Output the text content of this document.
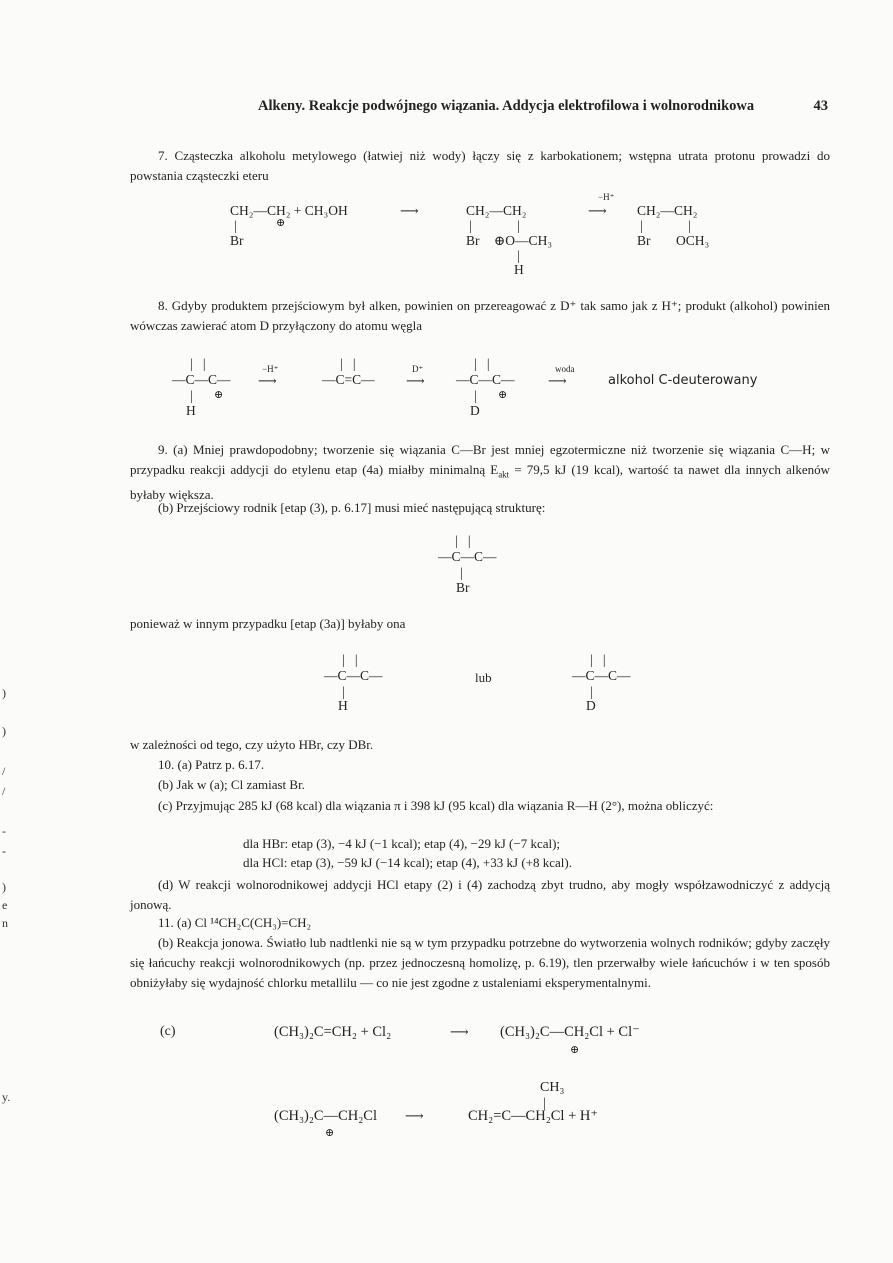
Alkeny. Reakcje podwójnego wiązania. Addycja elektrofilowa i wolnorodnikowa	43
7. Cząsteczka alkoholu metylowego (łatwiej niż wody) łączy się z karbokationem; wstępna utrata protonu prowadzi do powstania cząsteczki eteru
CH₂—CH₂ + CH₃OH
⊕
|
Br
⟶	CH₂—CH₂
|	|
Br ⊕O—CH₃
|
H
−H⁺
⟶ CH₂—CH₂
|	|
Br OCH₃
8. Gdyby produktem przejściowym był alken, powinien on przereagować z D⁺ tak samo jak z H⁺; produkt (alkohol) powinien wówczas zawierać atom D przyłączony do atomu węgla
|   |
—C—C—
| ⊕
H
−H⁺
⟶
|   |
—C=C—
D⁺
⟶
|   |
—C—C—
| ⊕
D
woda
⟶	alkohol C-deuterowany
9. (a) Mniej prawdopodobny; tworzenie się wiązania C—Br jest mniej egzotermiczne niż tworzenie się wiązania C—H; w przypadku reakcji addycji do etylenu etap (4a) miałby minimalną $E_{akt} = 79,5$ kJ (19 kcal), wartość ta nawet dla innych alkenów byłaby większa.
(b) Przejściowy rodnik [etap (3), p. 6.17] musi mieć następującą strukturę:
|   |
—C—C—
|
Br
ponieważ w innym przypadku [etap (3a)] byłaby ona
|   |
—C—C—
|
H
lub
|   |
—C—C—
|
D
w zależności od tego, czy użyto HBr, czy DBr.
10. (a) Patrz p. 6.17.
(b) Jak w (a); Cl zamiast Br.
(c) Przyjmując 285 kJ (68 kcal) dla wiązania π i 398 kJ (95 kcal) dla wiązania R—H (2°), można obliczyć:
dla HBr: etap (3), −4 kJ (−1 kcal); etap (4), −29 kJ (−7 kcal);
dla HCl: etap (3), −59 kJ (−14 kcal); etap (4), +33 kJ (+8 kcal).
(d) W reakcji wolnorodnikowej addycji HCl etapy (2) i (4) zachodzą zbyt trudno, aby mogły współzawodniczyć z addycją jonową.
11. (a) Cl ¹⁴CH₂C(CH₃)=CH₂
(b) Reakcja jonowa. Światło lub nadtlenki nie są w tym przypadku potrzebne do wytworzenia wolnych rodników; gdyby zaczęły się łańcuchy reakcji wolnorodnikowych (np. przez jednoczesną homolizę, p. 6.19), tlen przerwałby wiele łańcuchów i w ten sposób obniżyłaby się wydajność chlorku metallilu — co nie jest zgodne z ustaleniami eksperymentalnymi.
(c)	(CH₃)₂C=CH₂ + Cl₂	⟶ (CH₃)₂C—CH₂Cl + Cl⁻
⊕
CH₃
|
(CH₃)₂C—CH₂Cl
⊕
⟶	CH₂=C—CH₂Cl + H⁺
)
)
/
/
-
-
)
e
n
y.
